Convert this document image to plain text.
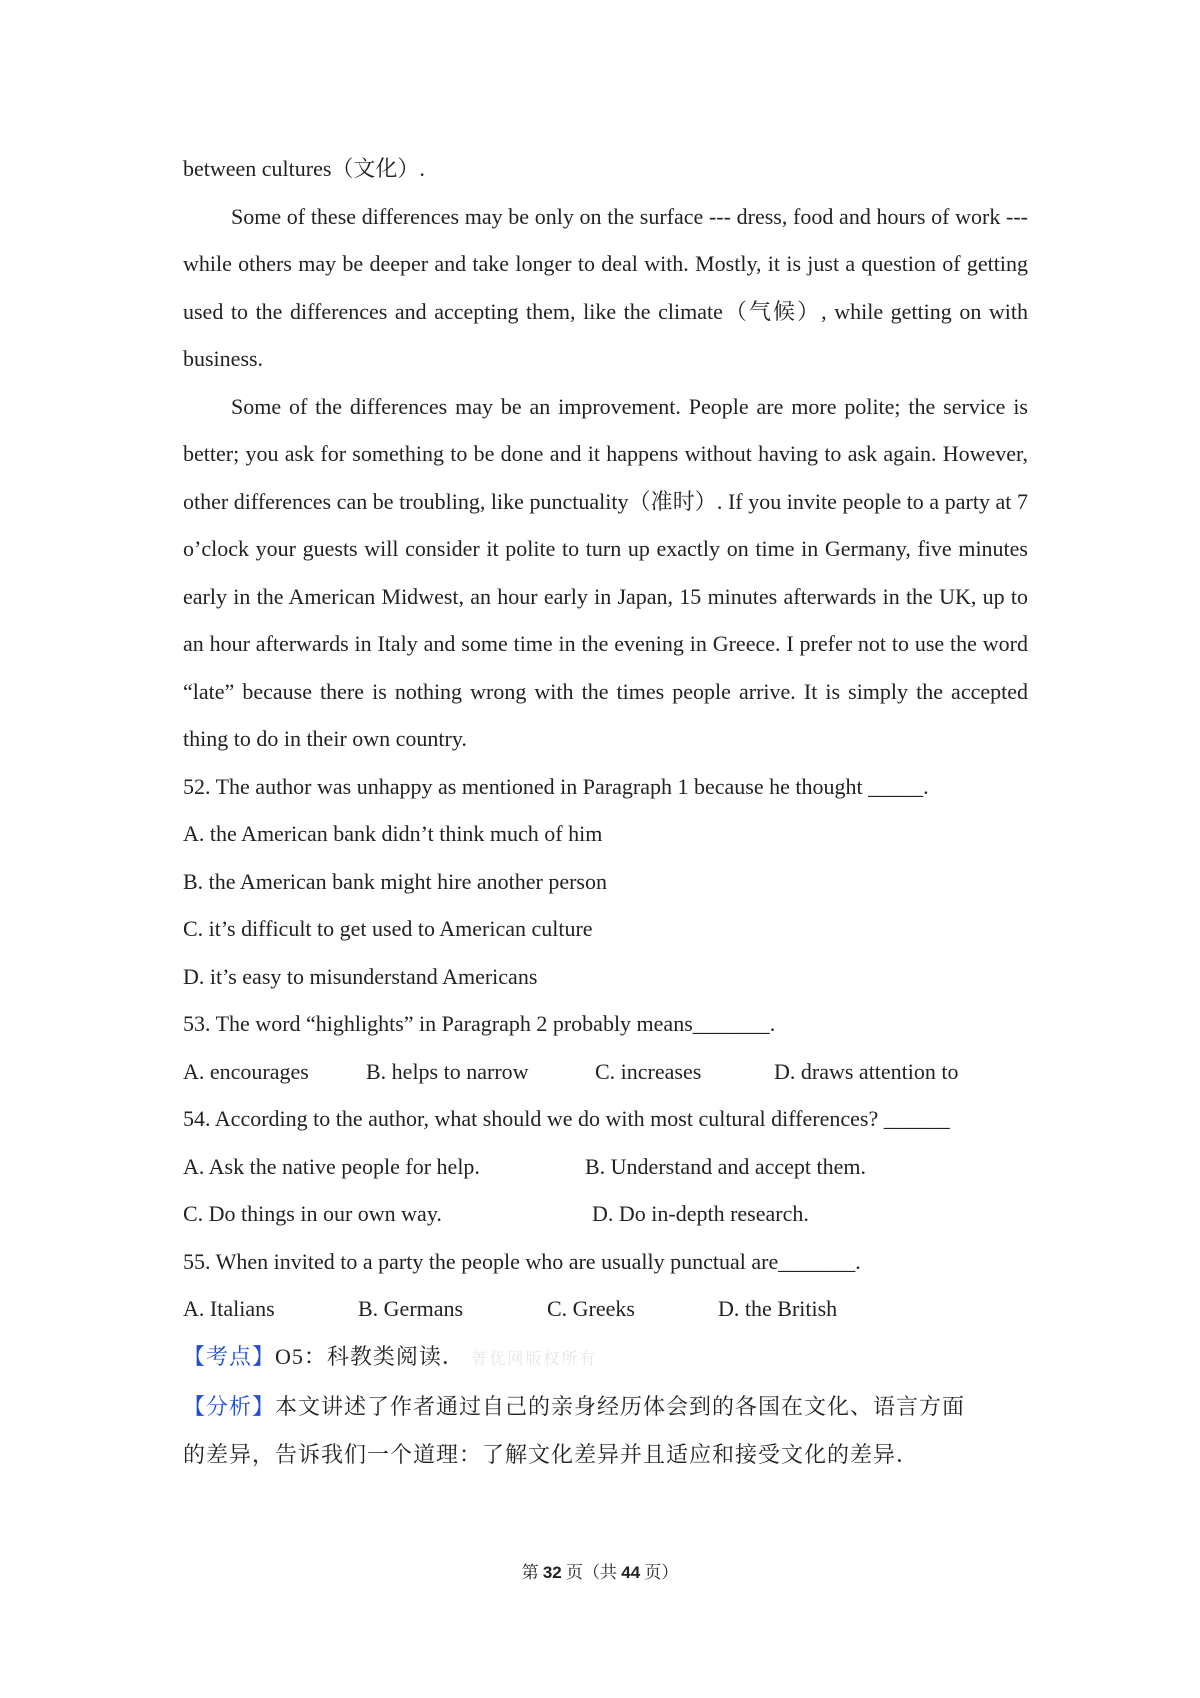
between cultures（文化）.

Some of these differences may be only on the surface --- dress, food and hours of work --- while others may be deeper and take longer to deal with. Mostly, it is just a question of getting used to the differences and accepting them, like the climate（气候）, while getting on with business.

Some of the differences may be an improvement. People are more polite; the service is better; you ask for something to be done and it happens without having to ask again. However, other differences can be troubling, like punctuality（准时）. If you invite people to a party at 7 o’clock your guests will consider it polite to turn up exactly on time in Germany, five minutes early in the American Midwest, an hour early in Japan, 15 minutes afterwards in the UK, up to an hour afterwards in Italy and some time in the evening in Greece. I prefer not to use the word “late” because there is nothing wrong with the times people arrive. It is simply the accepted thing to do in their own country.

52. The author was unhappy as mentioned in Paragraph 1 because he thought _____.

A. the American bank didn’t think much of him

B. the American bank might hire another person

C. it’s difficult to get used to American culture

D. it’s easy to misunderstand Americans

53. The word “highlights” in Paragraph 2 probably means_______.

A. encourages	B. helps to narrow	C. increases	D. draws attention to

54. According to the author, what should we do with most cultural differences? ______

A. Ask the native people for help.	B. Understand and accept them.
C. Do things in our own way.	D. Do in-depth research.

55. When invited to a party the people who are usually punctual are_______.

A. Italians	B. Germans	C. Greeks	D. the British
【考点】O5：科教类阅读． 菁优网版权所有
【分析】本文讲述了作者通过自己的亲身经历体会到的各国在文化、语言方面
的差异，告诉我们一个道理：了解文化差异并且适应和接受文化的差异．
第 32 页（共 44 页）
